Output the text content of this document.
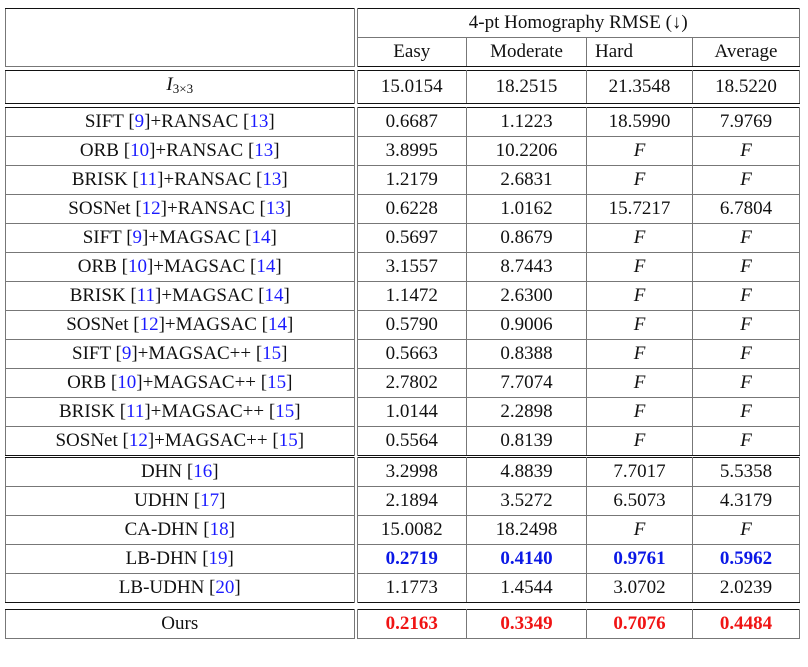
	4-pt Homography RMSE (↓)			
	Easy	Moderate	Hard	Average
$I_{3\times 3}$	15.0154	18.2515	21.3548	18.5220
SIFT [9]+RANSAC [13]	0.6687	1.1223	18.5990	7.9769
ORB [10]+RANSAC [13]	3.8995	10.2206	F	F
BRISK [11]+RANSAC [13]	1.2179	2.6831	F	F
SOSNet [12]+RANSAC [13]	0.6228	1.0162	15.7217	6.7804
SIFT [9]+MAGSAC [14]	0.5697	0.8679	F	F
ORB [10]+MAGSAC [14]	3.1557	8.7443	F	F
BRISK [11]+MAGSAC [14]	1.1472	2.6300	F	F
SOSNet [12]+MAGSAC [14]	0.5790	0.9006	F	F
SIFT [9]+MAGSAC++ [15]	0.5663	0.8388	F	F
ORB [10]+MAGSAC++ [15]	2.7802	7.7074	F	F
BRISK [11]+MAGSAC++ [15]	1.0144	2.2898	F	F
SOSNet [12]+MAGSAC++ [15]	0.5564	0.8139	F	F
DHN [16]	3.2998	4.8839	7.7017	5.5358
UDHN [17]	2.1894	3.5272	6.5073	4.3179
CA-DHN [18]	15.0082	18.2498	F	F
LB-DHN [19]	0.2719	0.4140	0.9761	0.5962
LB-UDHN [20]	1.1773	1.4544	3.0702	2.0239
Ours	0.2163	0.3349	0.7076	0.4484
